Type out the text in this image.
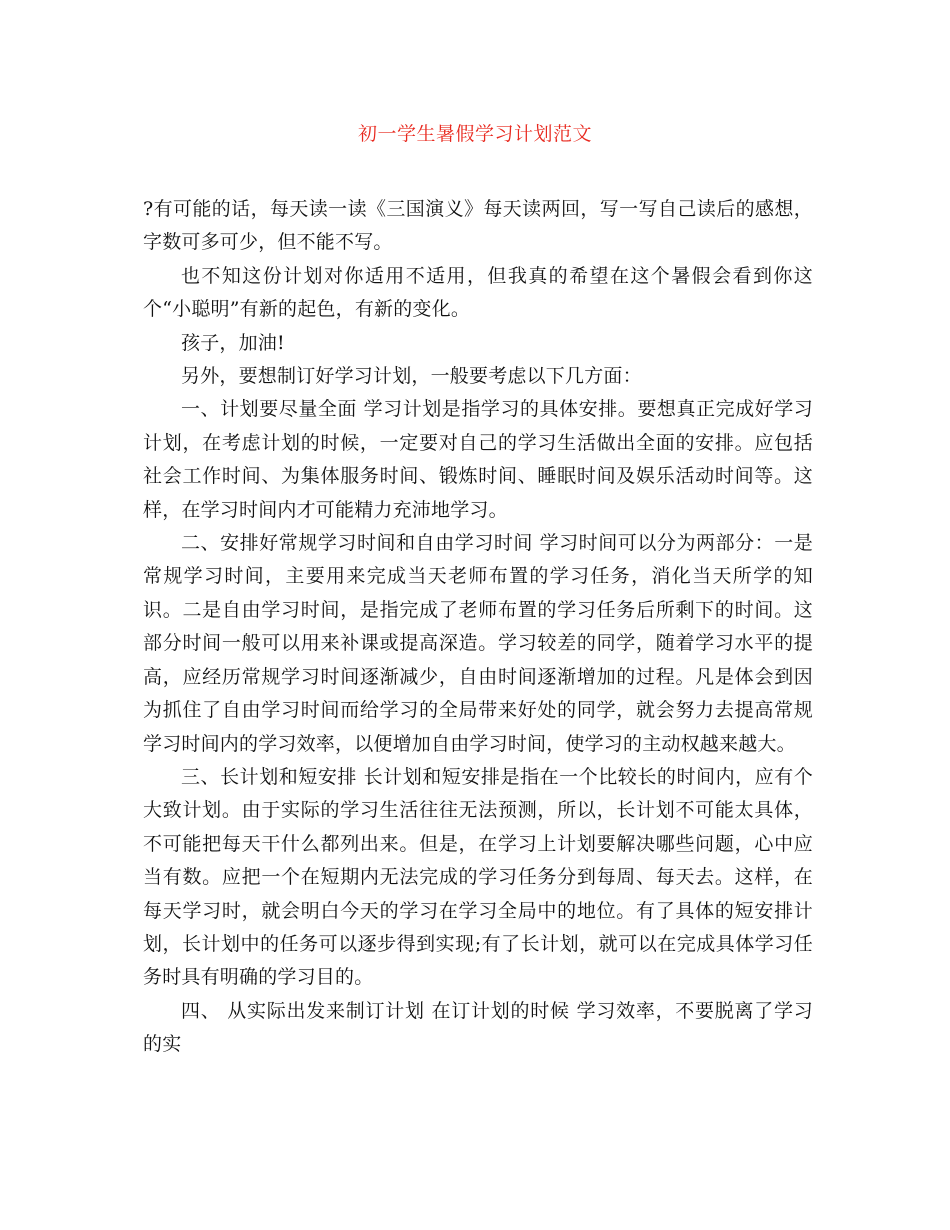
初一学生暑假学习计划范文

?有可能的话，每天读一读《三国演义》每天读两回，写一写自己读后的感想，字数可多可少，但不能不写。

也不知这份计划对你适用不适用，但我真的希望在这个暑假会看到你这个“小聪明”有新的起色，有新的变化。

孩子，加油!

另外，要想制订好学习计划，一般要考虑以下几方面：

一、计划要尽量全面 学习计划是指学习的具体安排。要想真正完成好学习计划，在考虑计划的时候，一定要对自己的学习生活做出全面的安排。应包括社会工作时间、为集体服务时间、锻炼时间、睡眠时间及娱乐活动时间等。这样，在学习时间内才可能精力充沛地学习。

二、安排好常规学习时间和自由学习时间 学习时间可以分为两部分：一是常规学习时间，主要用来完成当天老师布置的学习任务，消化当天所学的知识。二是自由学习时间，是指完成了老师布置的学习任务后所剩下的时间。这部分时间一般可以用来补课或提高深造。学习较差的同学，随着学习水平的提高，应经历常规学习时间逐渐减少，自由时间逐渐增加的过程。凡是体会到因为抓住了自由学习时间而给学习的全局带来好处的同学，就会努力去提高常规学习时间内的学习效率，以便增加自由学习时间，使学习的主动权越来越大。

三、长计划和短安排 长计划和短安排是指在一个比较长的时间内，应有个大致计划。由于实际的学习生活往往无法预测，所以，长计划不可能太具体，不可能把每天干什么都列出来。但是，在学习上计划要解决哪些问题，心中应当有数。应把一个在短期内无法完成的学习任务分到每周、每天去。这样，在每天学习时，就会明白今天的学习在学习全局中的地位。有了具体的短安排计划，长计划中的任务可以逐步得到实现;有了长计划，就可以在完成具体学习任务时具有明确的学习目的。

四、 从实际出发来制订计划 在订计划的时候 学习效率，不要脱离了学习的实
